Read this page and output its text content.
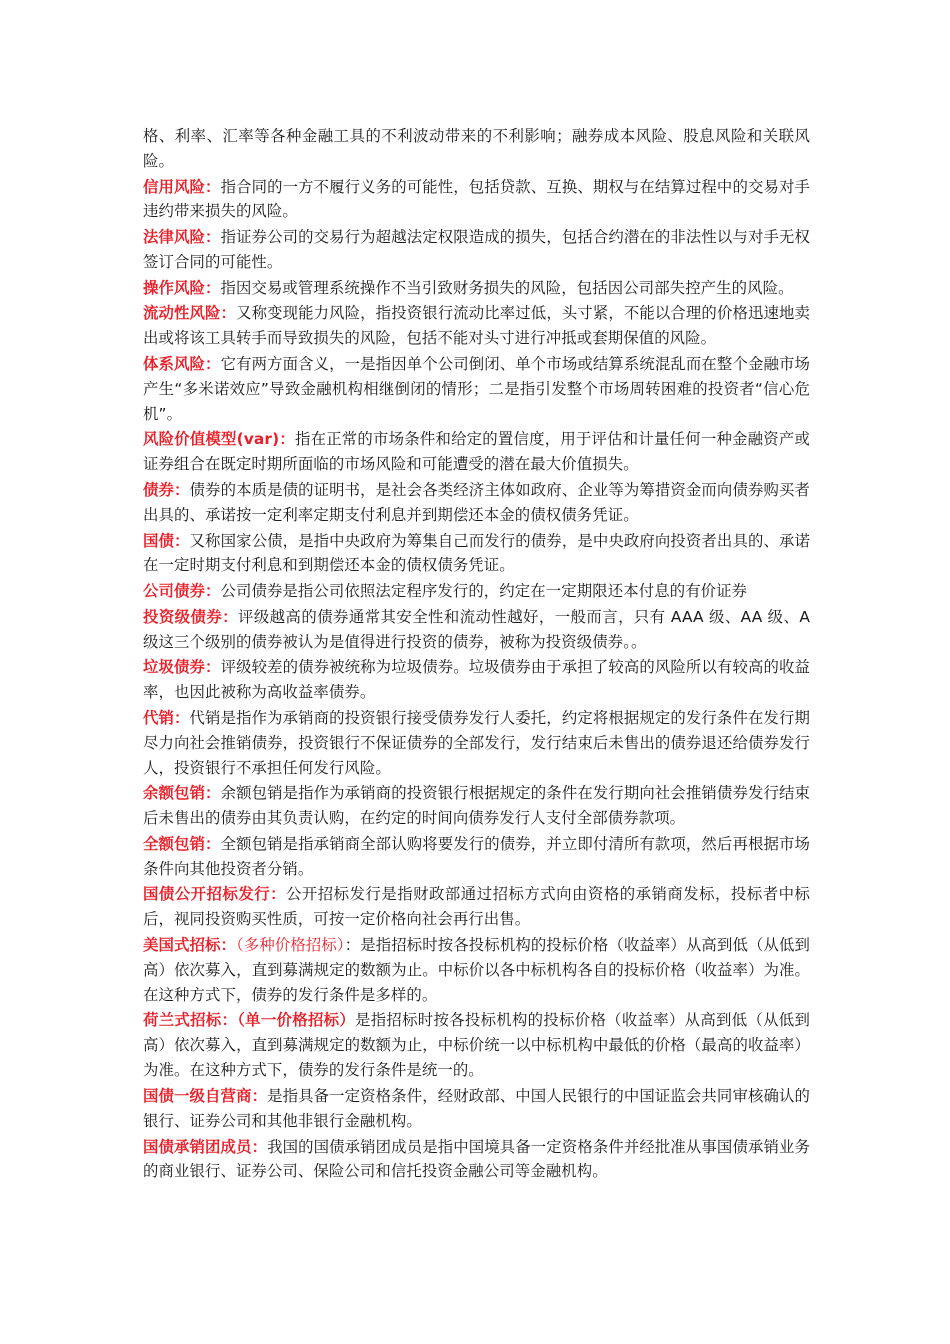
格、利率、汇率等各种金融工具的不利波动带来的不利影响；融券成本风险、股息风险和关联风险。

信用风险：指合同的一方不履行义务的可能性，包括贷款、互换、期权与在结算过程中的交易对手违约带来损失的风险。

法律风险：指证券公司的交易行为超越法定权限造成的损失，包括合约潜在的非法性以与对手无权签订合同的可能性。

操作风险：指因交易或管理系统操作不当引致财务损失的风险，包括因公司部失控产生的风险。

流动性风险：又称变现能力风险，指投资银行流动比率过低，头寸紧，不能以合理的价格迅速地卖出或将该工具转手而导致损失的风险，包括不能对头寸进行冲抵或套期保值的风险。

体系风险：它有两方面含义，一是指因单个公司倒闭、单个市场或结算系统混乱而在整个金融市场产生“多米诺效应”导致金融机构相继倒闭的情形；二是指引发整个市场周转困难的投资者“信心危机”。

风险价值模型(var)：指在正常的市场条件和给定的置信度，用于评估和计量任何一种金融资产或证券组合在既定时期所面临的市场风险和可能遭受的潜在最大价值损失。

债券：债券的本质是债的证明书，是社会各类经济主体如政府、企业等为筹措资金而向债券购买者出具的、承诺按一定利率定期支付利息并到期偿还本金的债权债务凭证。

国债：又称国家公债，是指中央政府为筹集自己而发行的债券，是中央政府向投资者出具的、承诺在一定时期支付利息和到期偿还本金的债权债务凭证。

公司债券：公司债券是指公司依照法定程序发行的，约定在一定期限还本付息的有价证券

投资级债券：评级越高的债券通常其安全性和流动性越好，一般而言，只有 AAA 级、AA 级、A 级这三个级别的债券被认为是值得进行投资的债券，被称为投资级债券。。

垃圾债券：评级较差的债券被统称为垃圾债券。垃圾债券由于承担了较高的风险所以有较高的收益率，也因此被称为高收益率债券。

代销：代销是指作为承销商的投资银行接受债券发行人委托，约定将根据规定的发行条件在发行期尽力向社会推销债券，投资银行不保证债券的全部发行，发行结束后未售出的债券退还给债券发行人，投资银行不承担任何发行风险。

余额包销：余额包销是指作为承销商的投资银行根据规定的条件在发行期向社会推销债券发行结束后未售出的债券由其负责认购，在约定的时间向债券发行人支付全部债券款项。

全额包销：全额包销是指承销商全部认购将要发行的债券，并立即付清所有款项，然后再根据市场条件向其他投资者分销。

国债公开招标发行：公开招标发行是指财政部通过招标方式向由资格的承销商发标，投标者中标后，视同投资购买性质，可按一定价格向社会再行出售。

美国式招标：（多种价格招标）：是指招标时按各投标机构的投标价格（收益率）从高到低（从低到高）依次募入，直到募满规定的数额为止。中标价以各中标机构各自的投标价格（收益率）为准。在这种方式下，债券的发行条件是多样的。

荷兰式招标：（单一价格招标）是指招标时按各投标机构的投标价格（收益率）从高到低（从低到高）依次募入，直到募满规定的数额为止，中标价统一以中标机构中最低的价格（最高的收益率）为准。在这种方式下，债券的发行条件是统一的。

国债一级自营商：是指具备一定资格条件，经财政部、中国人民银行的中国证监会共同审核确认的银行、证券公司和其他非银行金融机构。

国债承销团成员：我国的国债承销团成员是指中国境具备一定资格条件并经批准从事国债承销业务的商业银行、证券公司、保险公司和信托投资金融公司等金融机构。
